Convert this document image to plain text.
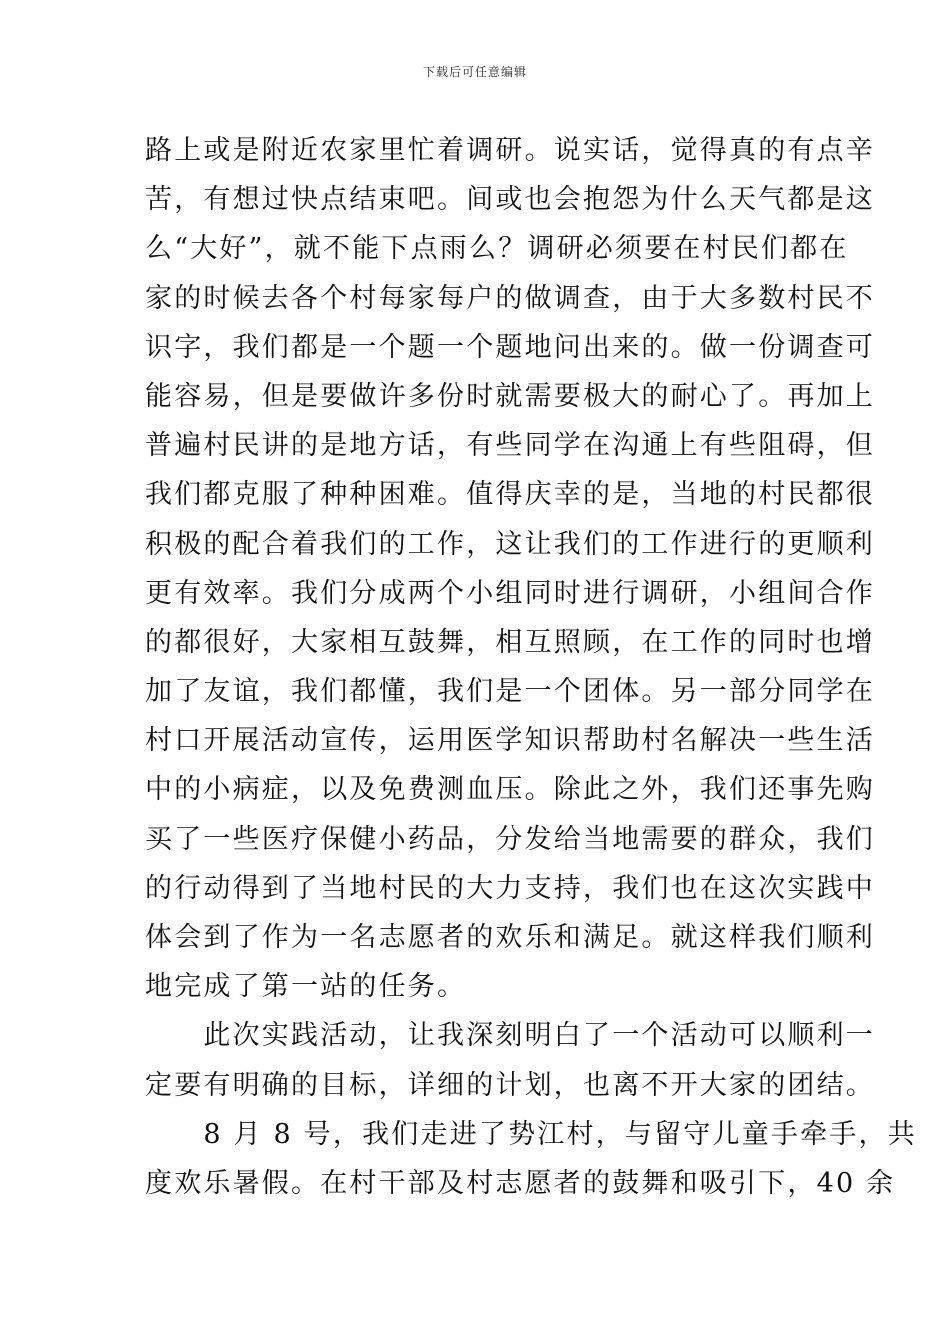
下载后可任意编辑
路上或是附近农家里忙着调研。说实话，觉得真的有点辛
苦，有想过快点结束吧。间或也会抱怨为什么天气都是这
么“大好”，就不能下点雨么？调研必须要在村民们都在
家的时候去各个村每家每户的做调查，由于大多数村民不
识字，我们都是一个题一个题地问出来的。做一份调查可
能容易，但是要做许多份时就需要极大的耐心了。再加上
普遍村民讲的是地方话，有些同学在沟通上有些阻碍，但
我们都克服了种种困难。值得庆幸的是，当地的村民都很
积极的配合着我们的工作，这让我们的工作进行的更顺利
更有效率。我们分成两个小组同时进行调研，小组间合作
的都很好，大家相互鼓舞，相互照顾，在工作的同时也增
加了友谊，我们都懂，我们是一个团体。另一部分同学在
村口开展活动宣传，运用医学知识帮助村名解决一些生活
中的小病症，以及免费测血压。除此之外，我们还事先购
买了一些医疗保健小药品，分发给当地需要的群众，我们
的行动得到了当地村民的大力支持，我们也在这次实践中
体会到了作为一名志愿者的欢乐和满足。就这样我们顺利
地完成了第一站的任务。
　　此次实践活动，让我深刻明白了一个活动可以顺利一
定要有明确的目标，详细的计划，也离不开大家的团结。
　　8 月 8 号，我们走进了势江村，与留守儿童手牵手，共
度欢乐暑假。在村干部及村志愿者的鼓舞和吸引下，40 余
